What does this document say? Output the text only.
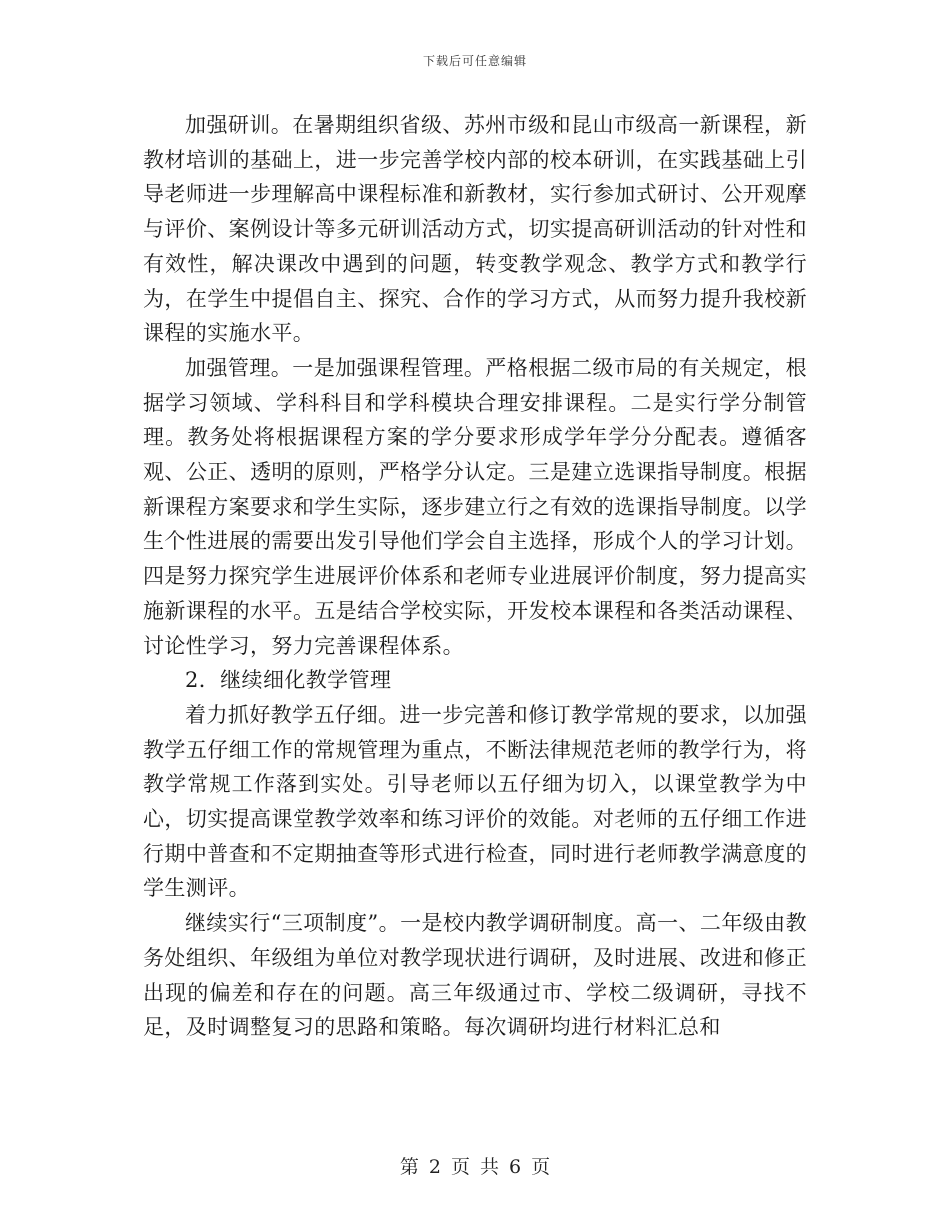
下载后可任意编辑

加强研训。在暑期组织省级、苏州市级和昆山市级高一新课程，新教材培训的基础上，进一步完善学校内部的校本研训，在实践基础上引导老师进一步理解高中课程标准和新教材，实行参加式研讨、公开观摩与评价、案例设计等多元研训活动方式，切实提高研训活动的针对性和有效性，解决课改中遇到的问题，转变教学观念、教学方式和教学行为，在学生中提倡自主、探究、合作的学习方式，从而努力提升我校新课程的实施水平。

加强管理。一是加强课程管理。严格根据二级市局的有关规定，根据学习领域、学科科目和学科模块合理安排课程。二是实行学分制管理。教务处将根据课程方案的学分要求形成学年学分分配表。遵循客观、公正、透明的原则，严格学分认定。三是建立选课指导制度。根据新课程方案要求和学生实际，逐步建立行之有效的选课指导制度。以学生个性进展的需要出发引导他们学会自主选择，形成个人的学习计划。四是努力探究学生进展评价体系和老师专业进展评价制度，努力提高实施新课程的水平。五是结合学校实际，开发校本课程和各类活动课程、讨论性学习，努力完善课程体系。

2．继续细化教学管理

着力抓好教学五仔细。进一步完善和修订教学常规的要求，以加强教学五仔细工作的常规管理为重点，不断法律规范老师的教学行为，将教学常规工作落到实处。引导老师以五仔细为切入，以课堂教学为中心，切实提高课堂教学效率和练习评价的效能。对老师的五仔细工作进行期中普查和不定期抽查等形式进行检查，同时进行老师教学满意度的学生测评。

继续实行“三项制度”。一是校内教学调研制度。高一、二年级由教务处组织、年级组为单位对教学现状进行调研，及时进展、改进和修正出现的偏差和存在的问题。高三年级通过市、学校二级调研，寻找不足，及时调整复习的思路和策略。每次调研均进行材料汇总和

第 2 页 共 6 页
